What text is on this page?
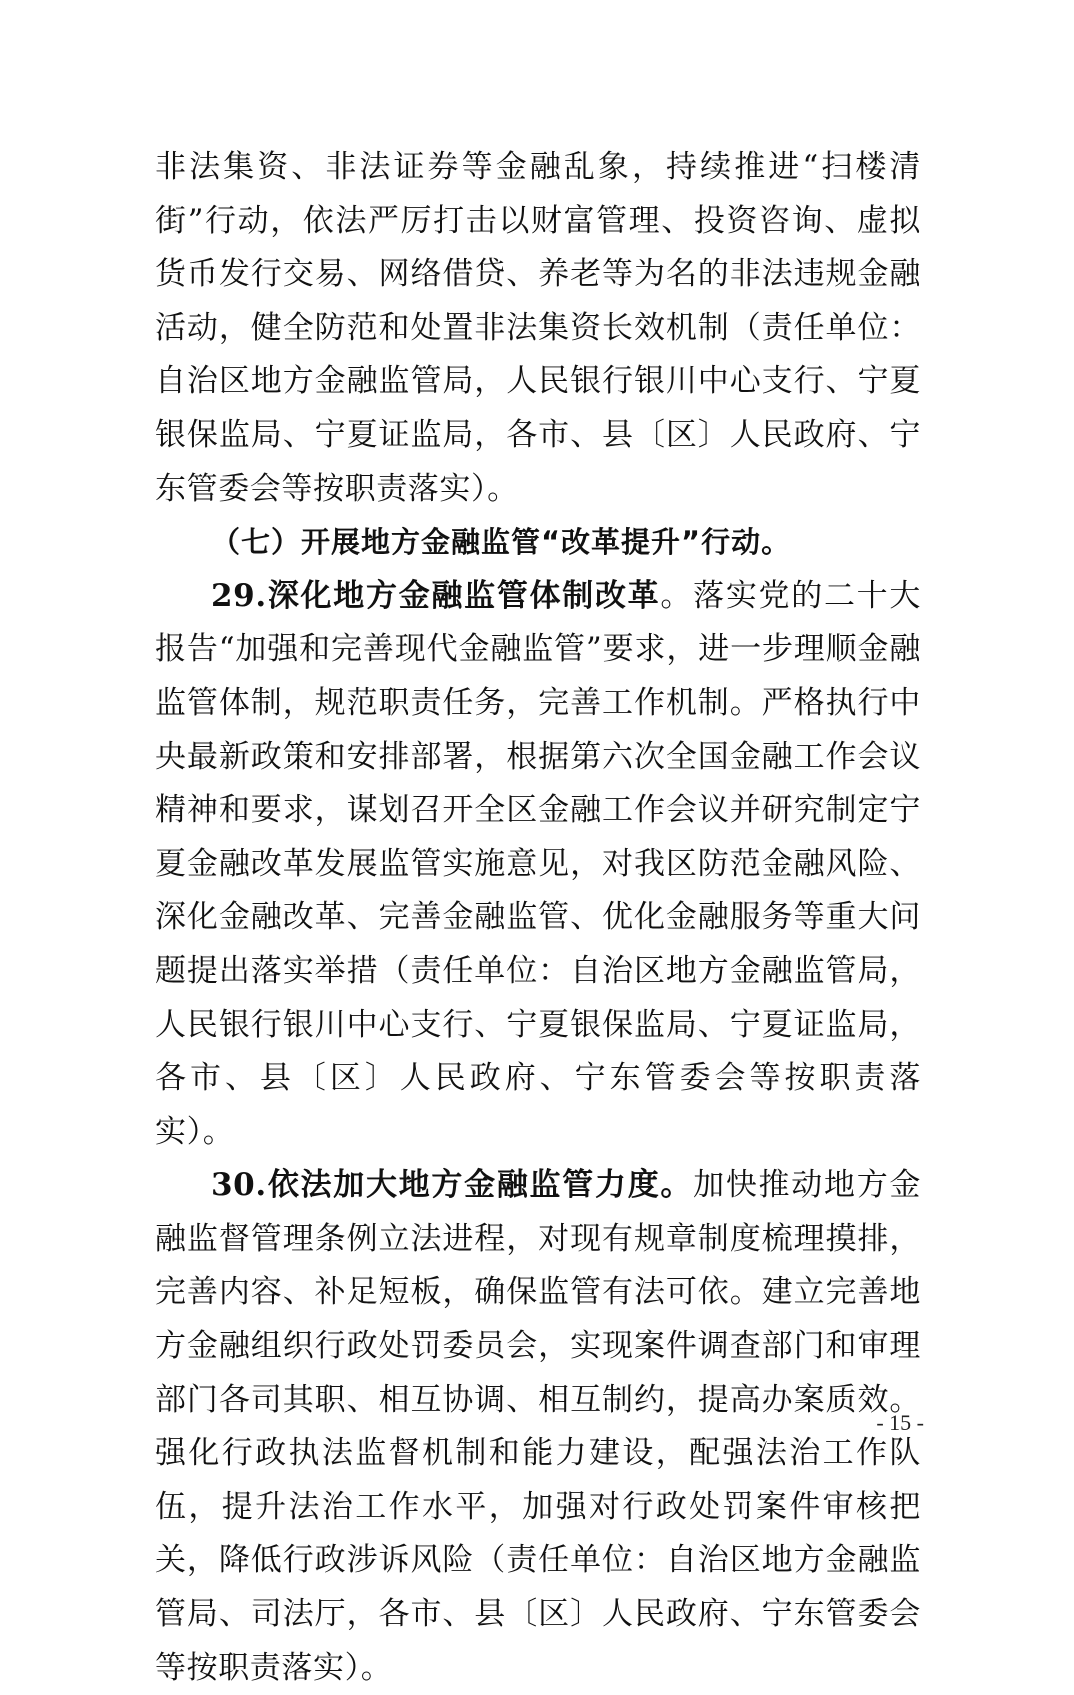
非法集资、非法证券等金融乱象，持续推进“扫楼清街”行动，依法严厉打击以财富管理、投资咨询、虚拟货币发行交易、网络借贷、养老等为名的非法违规金融活动，健全防范和处置非法集资长效机制（责任单位：自治区地方金融监管局，人民银行银川中心支行、宁夏银保监局、宁夏证监局，各市、县〔区〕人民政府、宁东管委会等按职责落实）。

（七）开展地方金融监管“改革提升”行动。

29.深化地方金融监管体制改革。落实党的二十大报告“加强和完善现代金融监管”要求，进一步理顺金融监管体制，规范职责任务，完善工作机制。严格执行中央最新政策和安排部署，根据第六次全国金融工作会议精神和要求，谋划召开全区金融工作会议并研究制定宁夏金融改革发展监管实施意见，对我区防范金融风险、深化金融改革、完善金融监管、优化金融服务等重大问题提出落实举措（责任单位：自治区地方金融监管局，人民银行银川中心支行、宁夏银保监局、宁夏证监局，各市、县〔区〕人民政府、宁东管委会等按职责落实）。

30.依法加大地方金融监管力度。加快推动地方金融监督管理条例立法进程，对现有规章制度梳理摸排，完善内容、补足短板，确保监管有法可依。建立完善地方金融组织行政处罚委员会，实现案件调查部门和审理部门各司其职、相互协调、相互制约，提高办案质效。强化行政执法监督机制和能力建设，配强法治工作队伍，提升法治工作水平，加强对行政处罚案件审核把关，降低行政涉诉风险（责任单位：自治区地方金融监管局、司法厅，各市、县〔区〕人民政府、宁东管委会等按职责落实）。

- 15 -
